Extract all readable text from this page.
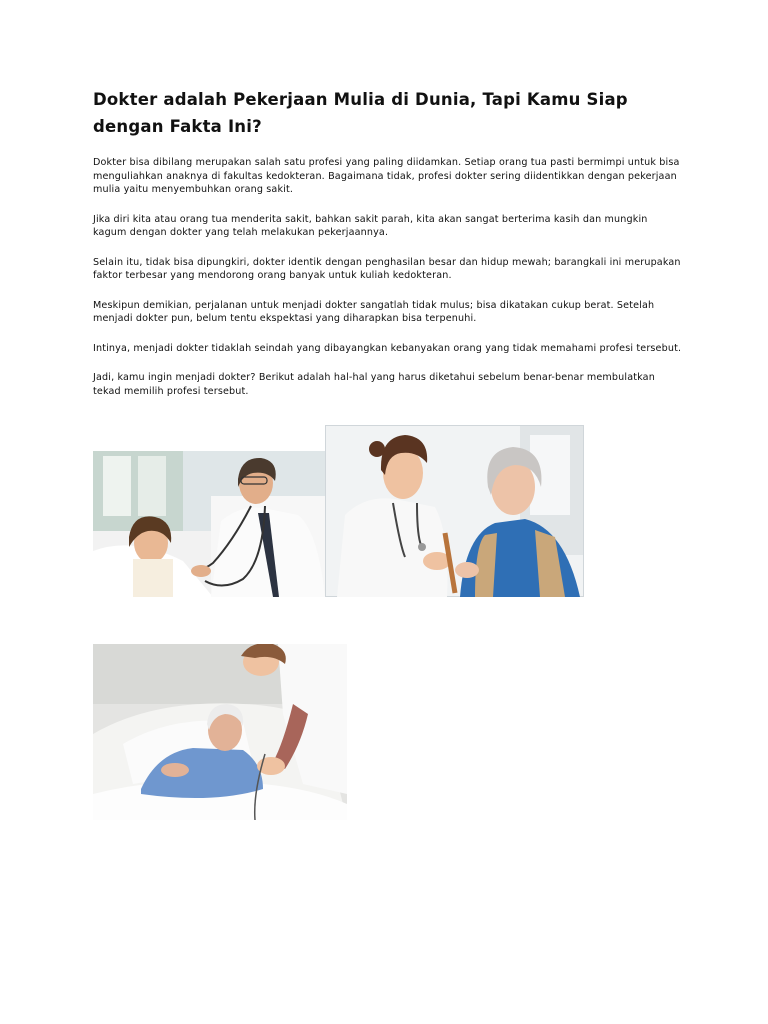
Dokter adalah Pekerjaan Mulia di Dunia, Tapi Kamu Siap dengan Fakta Ini?

Dokter bisa dibilang merupakan salah satu profesi yang paling diidamkan. Setiap orang tua pasti bermimpi untuk bisa menguliahkan anaknya di fakultas kedokteran. Bagaimana tidak, profesi dokter sering diidentikkan dengan pekerjaan mulia yaitu menyembuhkan orang sakit.

Jika diri kita atau orang tua menderita sakit, bahkan sakit parah, kita akan sangat berterima kasih dan mungkin kagum dengan dokter yang telah melakukan pekerjaannya.

Selain itu, tidak bisa dipungkiri, dokter identik dengan penghasilan besar dan hidup mewah; barangkali ini merupakan faktor terbesar yang mendorong orang banyak untuk kuliah kedokteran.

Meskipun demikian, perjalanan untuk menjadi dokter sangatlah tidak mulus; bisa dikatakan cukup berat. Setelah menjadi dokter pun, belum tentu ekspektasi yang diharapkan bisa terpenuhi.

Intinya, menjadi dokter tidaklah seindah yang dibayangkan kebanyakan orang yang tidak memahami profesi tersebut.

Jadi, kamu ingin menjadi dokter? Berikut adalah hal-hal yang harus diketahui sebelum benar-benar membulatkan tekad memilih profesi tersebut.
